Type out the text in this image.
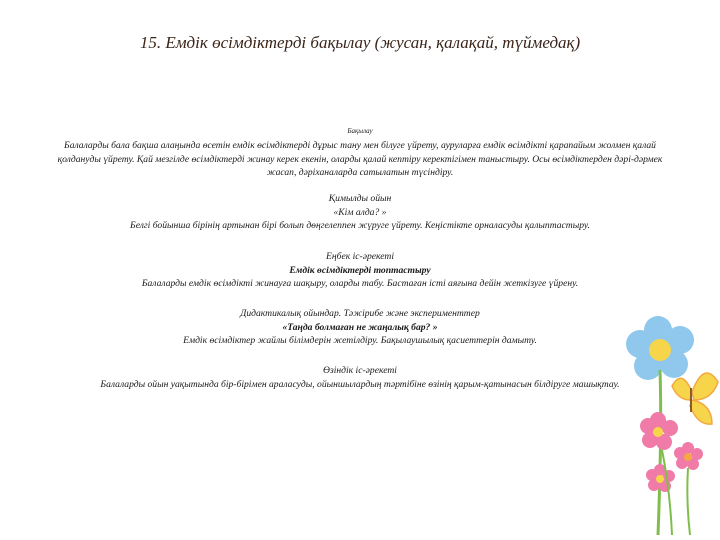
15. Емдік өсімдіктерді бақылау (жусан, қалақай, түймедақ)
Бақылау
Балаларды бала бақша алаңында өсетін емдік өсімдіктерді дұрыс тану мен білуге үйрету, ауруларға емдік өсімдікті қарапайым жолмен қалай қолдануды үйрету. Қай мезгілде өсімдіктерді жинау керек екенін, оларды қалай кептіру керектігімен таныстыру. Осы өсімдіктерден дәрі-дәрмек жасап, дәріханаларда сатылатын түсіндіру.
Қимылды ойын
«Кім алда? »
Белгі бойынша бірінің артынан бірі болып дөңгелеппен жүруге үйрету. Кеңістікте орналасуды қалыптастыру.
Еңбек іс-әрекеті
Емдік өсімдіктерді топтастыру
Балаларды емдік өсімдікті жинауға шақыру, оларды табу. Бастаған істі аяғына дейін жеткізуге үйрену.
Дидактикалық ойындар. Тәжірибе және эксперименттер
«Таңда болмаған не жаңалық бар? »
Емдік өсімдіктер жайлы білімдерін жетілдіру. Бақылаушылық қасиеттерін дамыту.
Өзіндік іс-әрекеті
Балаларды ойын уақытында бір-бірімен араласуды, ойыншылардың тәртібіне өзінің қарым-қатынасын білдіруге машықтау.
